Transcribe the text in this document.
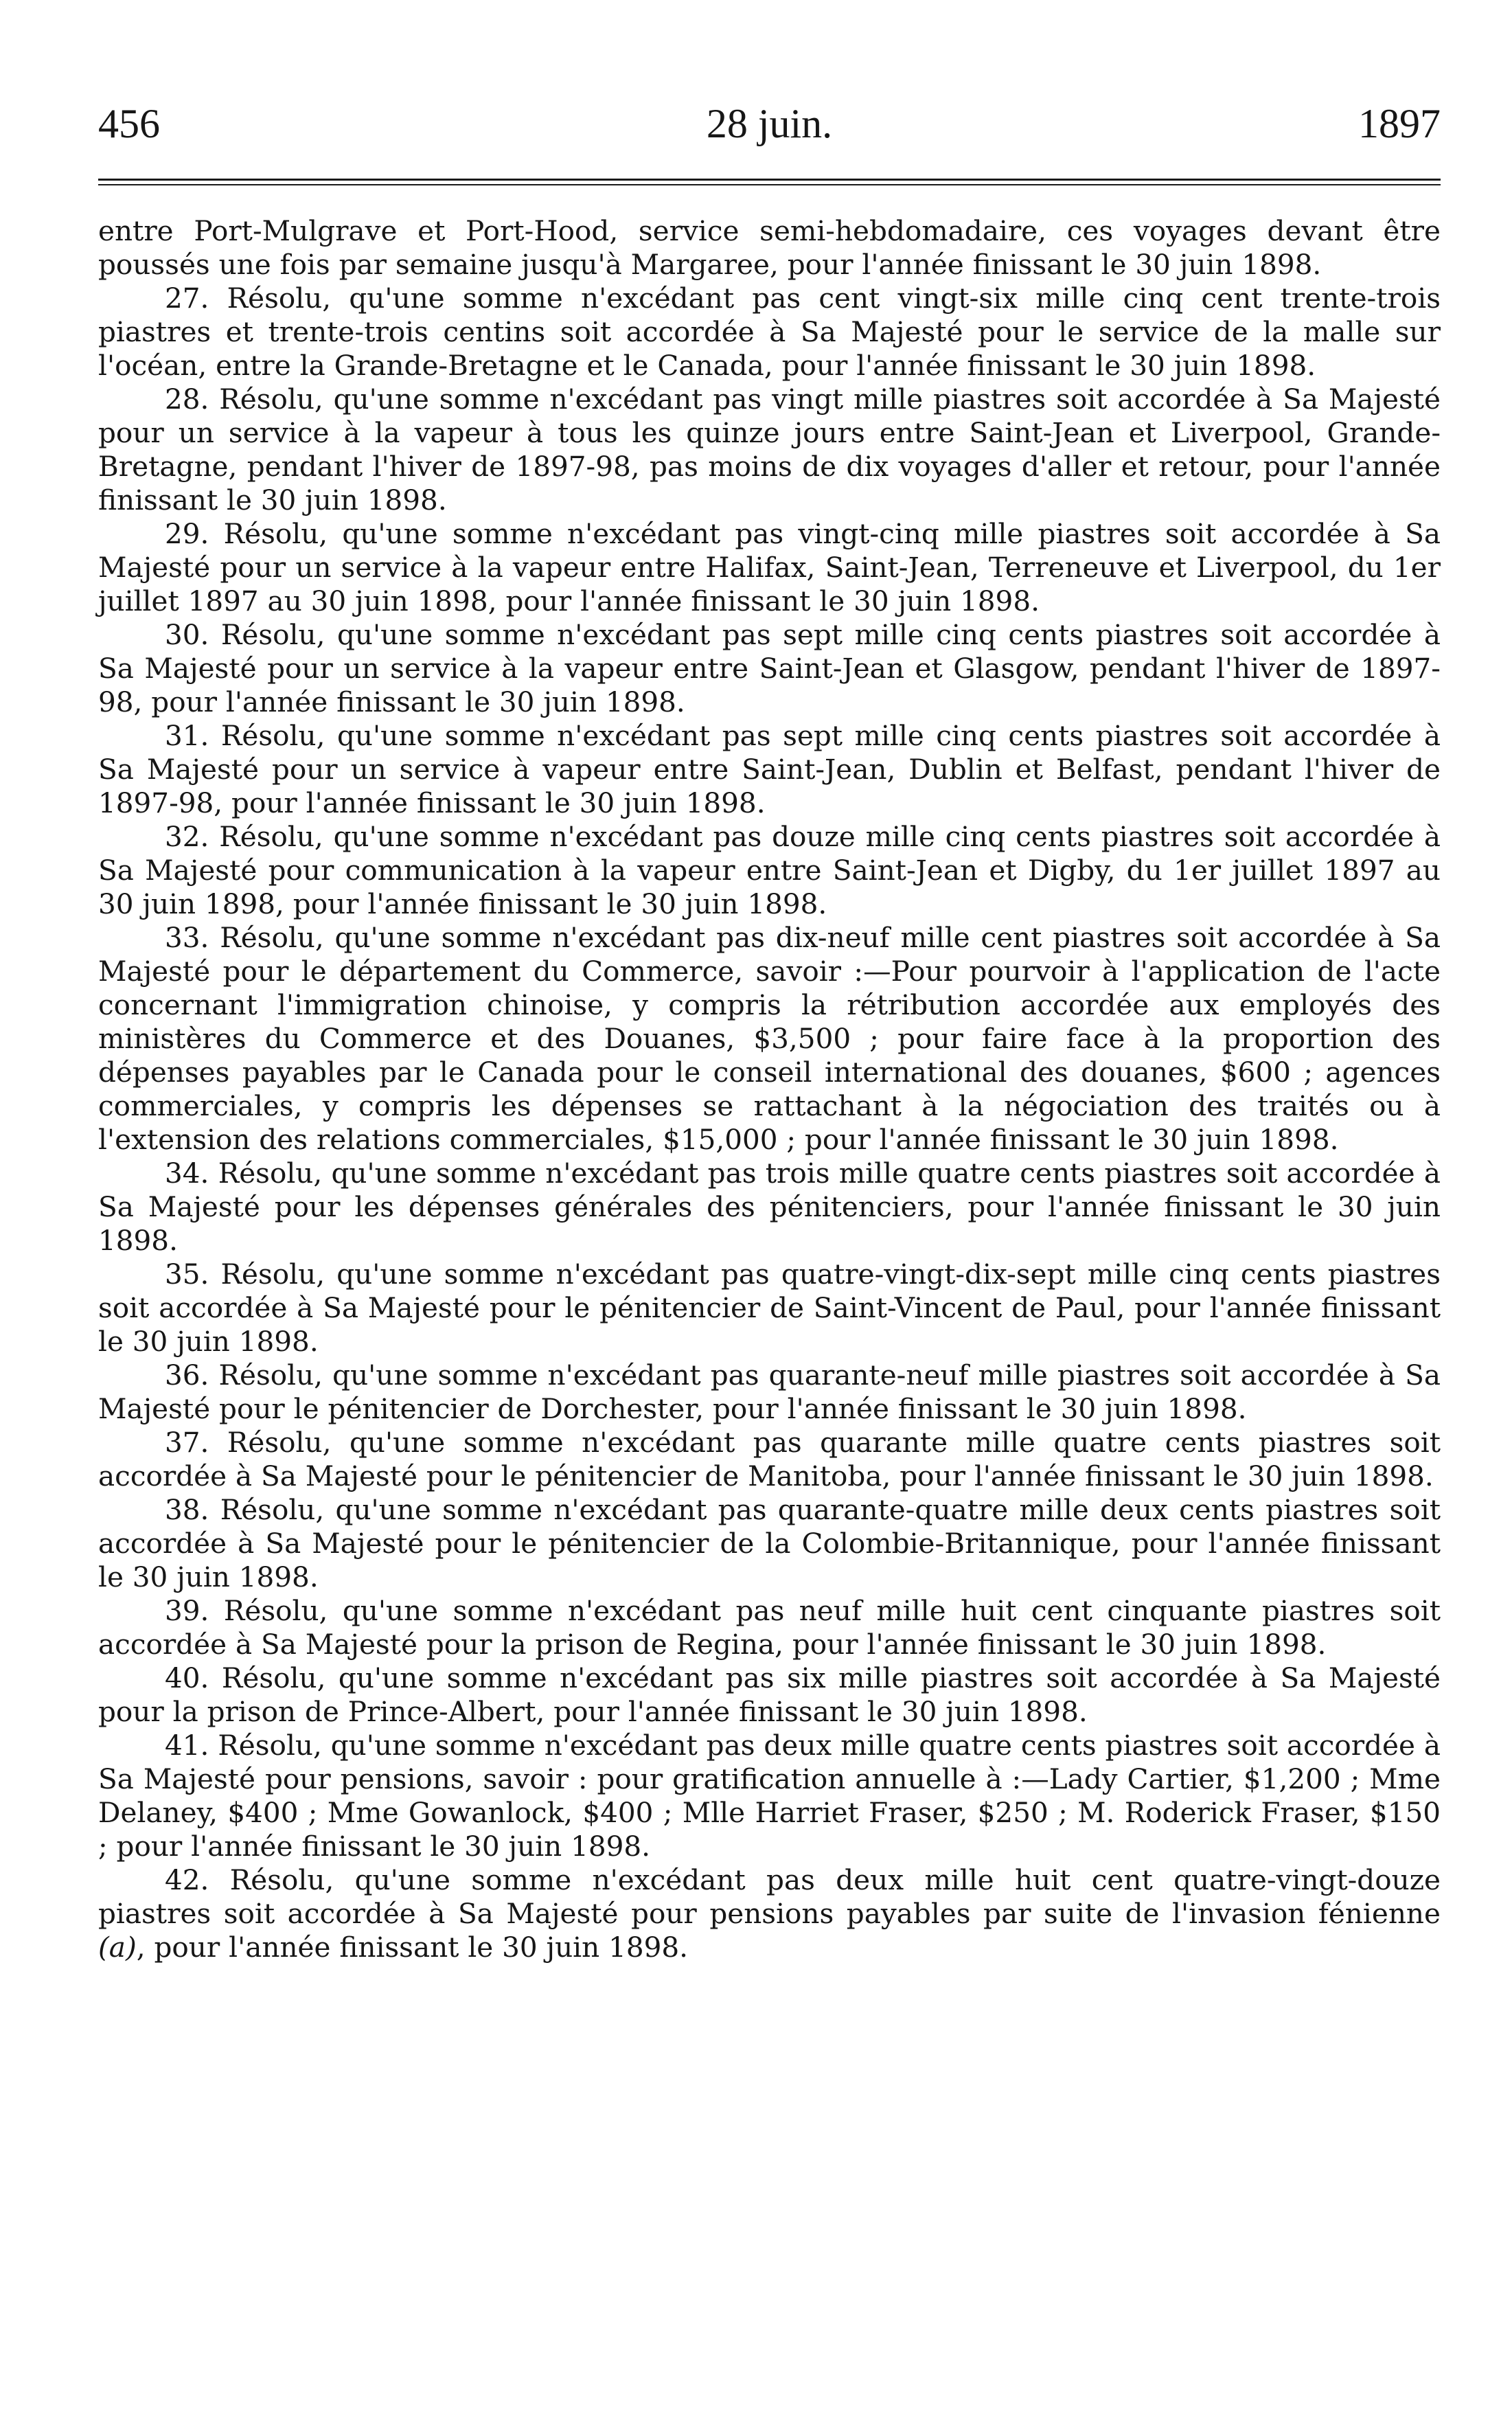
456	28 juin.	1897

entre Port-Mulgrave et Port-Hood, service semi-hebdomadaire, ces voyages devant être poussés une fois par semaine jusqu'à Margaree, pour l'année finissant le 30 juin 1898.

27. Résolu, qu'une somme n'excédant pas cent vingt-six mille cinq cent trente-trois piastres et trente-trois centins soit accordée à Sa Majesté pour le service de la malle sur l'océan, entre la Grande-Bretagne et le Canada, pour l'année finissant le 30 juin 1898.

28. Résolu, qu'une somme n'excédant pas vingt mille piastres soit accordée à Sa Majesté pour un service à la vapeur à tous les quinze jours entre Saint-Jean et Liverpool, Grande-Bretagne, pendant l'hiver de 1897-98, pas moins de dix voyages d'aller et retour, pour l'année finissant le 30 juin 1898.

29. Résolu, qu'une somme n'excédant pas vingt-cinq mille piastres soit accordée à Sa Majesté pour un service à la vapeur entre Halifax, Saint-Jean, Terreneuve et Liverpool, du 1er juillet 1897 au 30 juin 1898, pour l'année finissant le 30 juin 1898.

30. Résolu, qu'une somme n'excédant pas sept mille cinq cents piastres soit accordée à Sa Majesté pour un service à la vapeur entre Saint-Jean et Glasgow, pendant l'hiver de 1897-98, pour l'année finissant le 30 juin 1898.

31. Résolu, qu'une somme n'excédant pas sept mille cinq cents piastres soit accordée à Sa Majesté pour un service à vapeur entre Saint-Jean, Dublin et Belfast, pendant l'hiver de 1897-98, pour l'année finissant le 30 juin 1898.

32. Résolu, qu'une somme n'excédant pas douze mille cinq cents piastres soit accordée à Sa Majesté pour communication à la vapeur entre Saint-Jean et Digby, du 1er juillet 1897 au 30 juin 1898, pour l'année finissant le 30 juin 1898.

33. Résolu, qu'une somme n'excédant pas dix-neuf mille cent piastres soit accordée à Sa Majesté pour le département du Commerce, savoir :—Pour pourvoir à l'application de l'acte concernant l'immigration chinoise, y compris la rétribution accordée aux employés des ministères du Commerce et des Douanes, $3,500 ; pour faire face à la proportion des dépenses payables par le Canada pour le conseil international des douanes, $600 ; agences commerciales, y compris les dépenses se rattachant à la négociation des traités ou à l'extension des relations commerciales, $15,000 ; pour l'année finissant le 30 juin 1898.

34. Résolu, qu'une somme n'excédant pas trois mille quatre cents piastres soit accordée à Sa Majesté pour les dépenses générales des pénitenciers, pour l'année finissant le 30 juin 1898.

35. Résolu, qu'une somme n'excédant pas quatre-vingt-dix-sept mille cinq cents piastres soit accordée à Sa Majesté pour le pénitencier de Saint-Vincent de Paul, pour l'année finissant le 30 juin 1898.

36. Résolu, qu'une somme n'excédant pas quarante-neuf mille piastres soit accordée à Sa Majesté pour le pénitencier de Dorchester, pour l'année finissant le 30 juin 1898.

37. Résolu, qu'une somme n'excédant pas quarante mille quatre cents piastres soit accordée à Sa Majesté pour le pénitencier de Manitoba, pour l'année finissant le 30 juin 1898.

38. Résolu, qu'une somme n'excédant pas quarante-quatre mille deux cents piastres soit accordée à Sa Majesté pour le pénitencier de la Colombie-Britannique, pour l'année finissant le 30 juin 1898.

39. Résolu, qu'une somme n'excédant pas neuf mille huit cent cinquante piastres soit accordée à Sa Majesté pour la prison de Regina, pour l'année finissant le 30 juin 1898.

40. Résolu, qu'une somme n'excédant pas six mille piastres soit accordée à Sa Majesté pour la prison de Prince-Albert, pour l'année finissant le 30 juin 1898.

41. Résolu, qu'une somme n'excédant pas deux mille quatre cents piastres soit accordée à Sa Majesté pour pensions, savoir : pour gratification annuelle à :—Lady Cartier, $1,200 ; Mme Delaney, $400 ; Mme Gowanlock, $400 ; Mlle Harriet Fraser, $250 ; M. Roderick Fraser, $150 ; pour l'année finissant le 30 juin 1898.

42. Résolu, qu'une somme n'excédant pas deux mille huit cent quatre-vingt-douze piastres soit accordée à Sa Majesté pour pensions payables par suite de l'invasion fénienne (a), pour l'année finissant le 30 juin 1898.
